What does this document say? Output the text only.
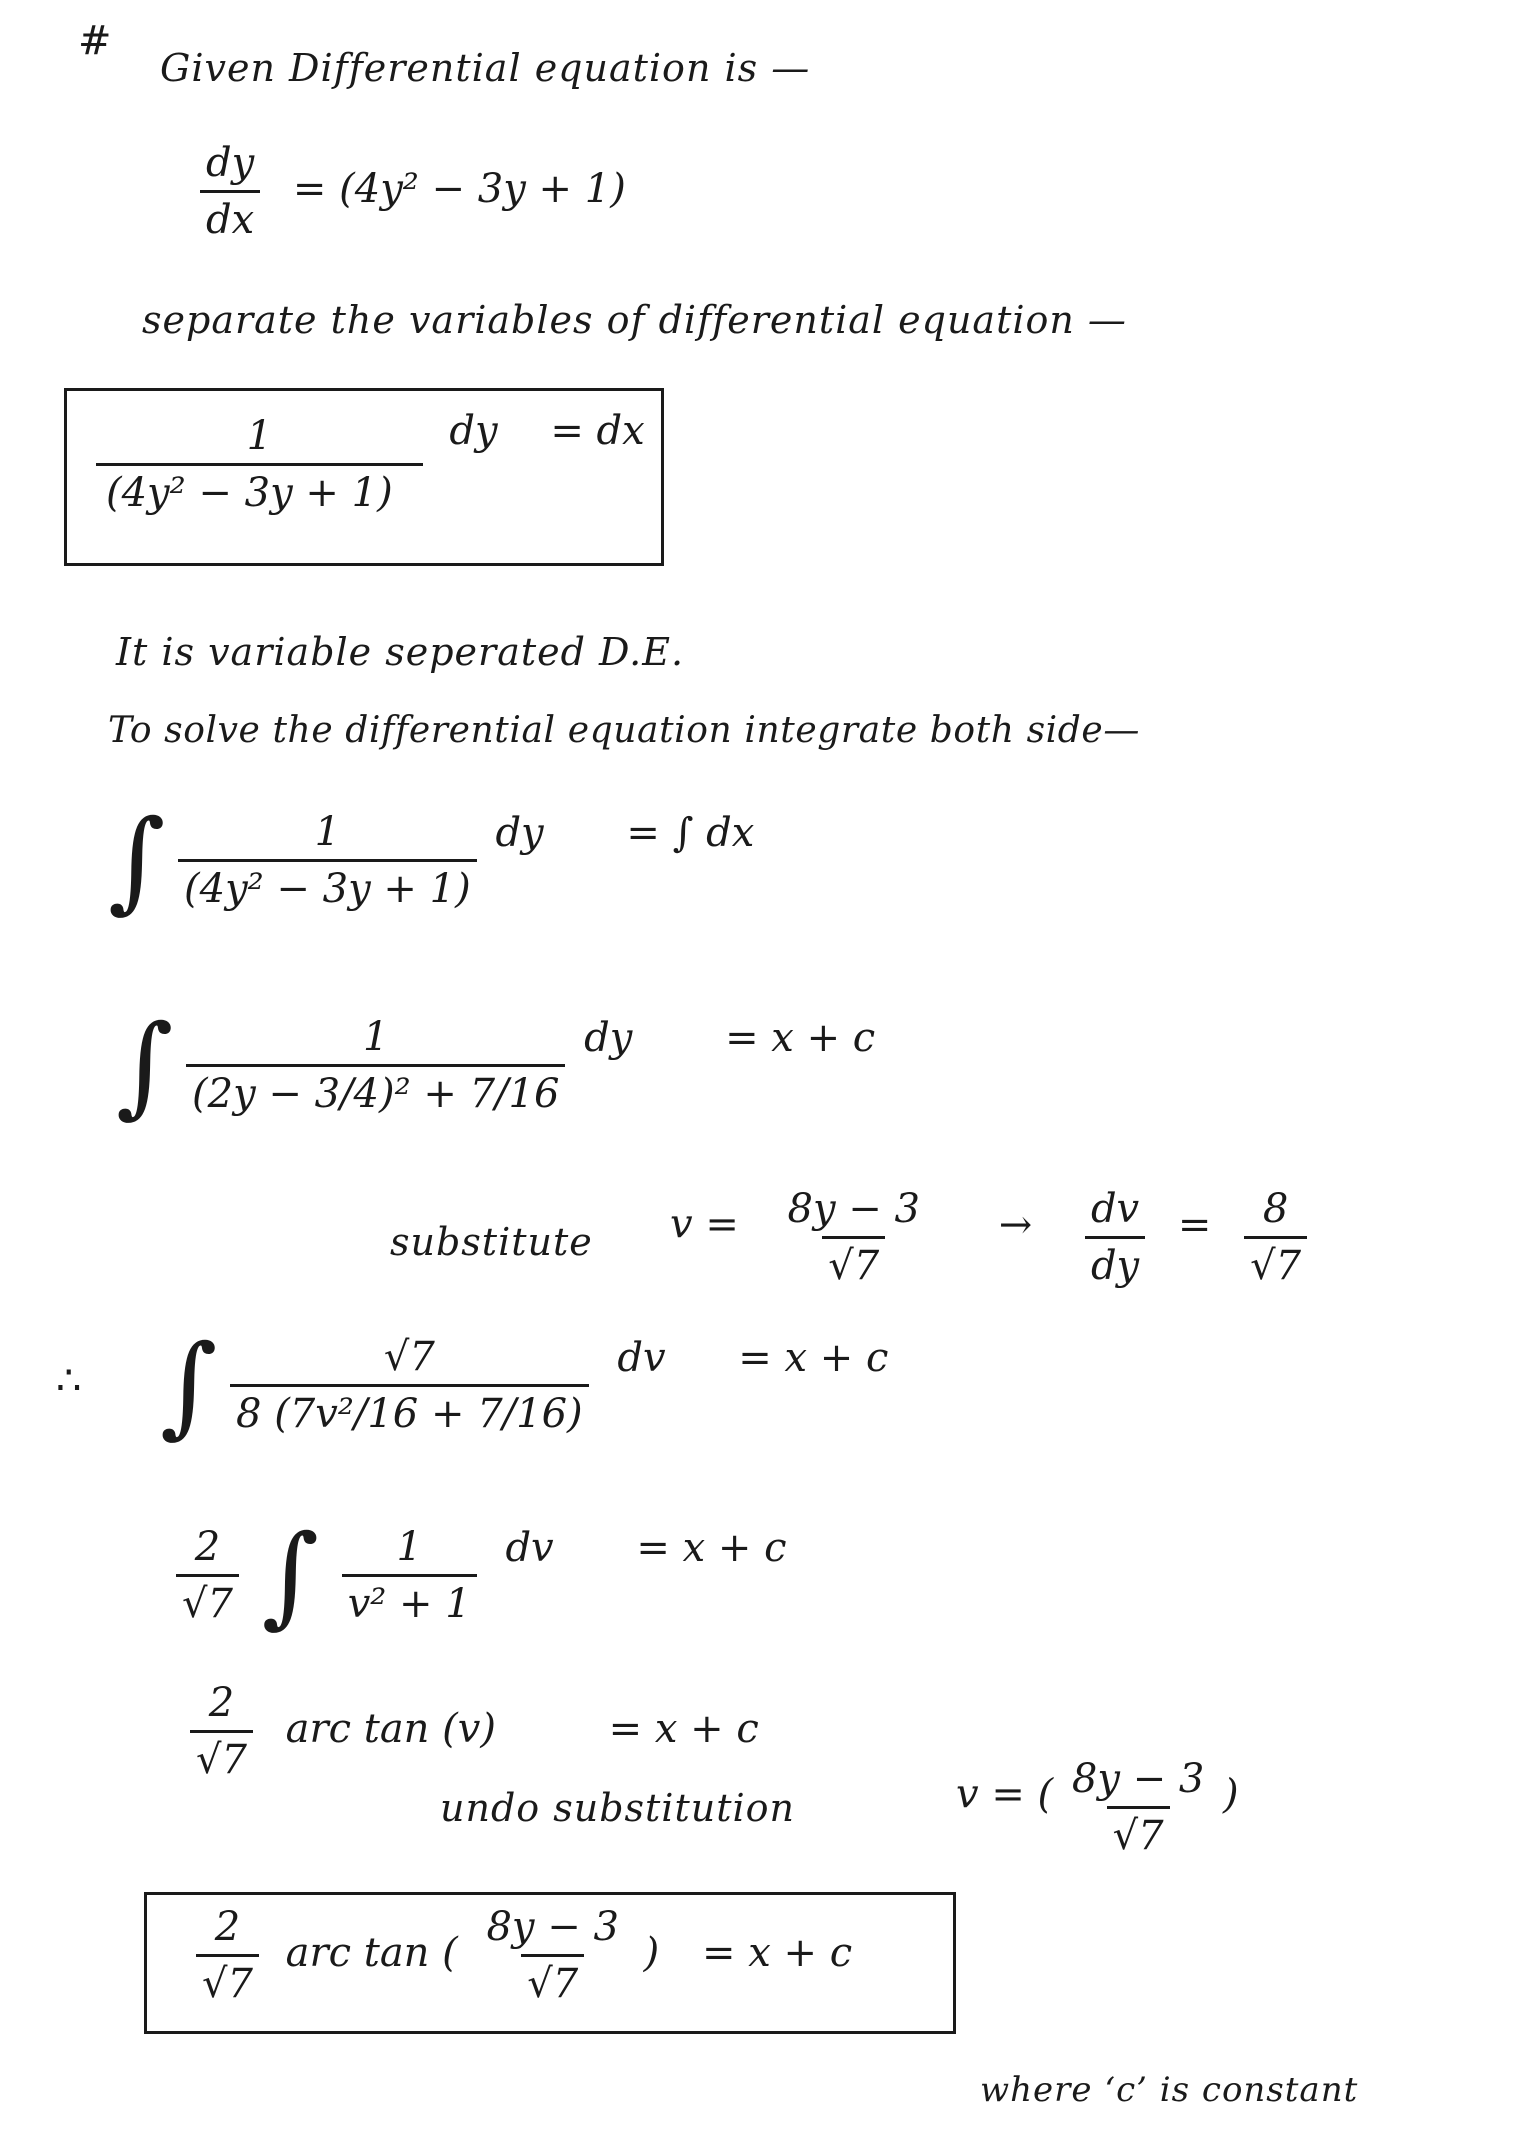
#
Given Differential equation is —
$\frac{dy}{dx} = (4y^2 - 3y + 1)$
separate the variables of differential equation —
$\frac{1}{\text{(4y² − 3y + 1)}}$ dy = dx
It is variable seperated D.E.
To solve the differential equation integrate both side—
∫ $\frac{1}{\text{(4y² − 3y + 1)}}$ dy = ∫ dx
∫ $\frac{1}{\text{(2y − 3/4)² + 7/16}}$ dy = x + c
substitute $v = \frac{8y - 3}{√7} \to \frac{dv}{dy} = \frac{8}{√7}$
∴ ∫ $\frac{√7}{\text{8 (7v²/16 + 7/16)}}$ dv = x + c
$\frac{2}{√7}$ ∫ $\frac{1}{\text{v² + 1}}$ dv = x + c
$\frac{2}{√7}$ arc tan (v)	= x + c
undo substitution	v = ( $\frac{8y - 3}{√7}$ )
$\frac{2}{√7}$ arc tan ( $\frac{8y - 3}{√7}$ ) = x + c
where ‘c’ is constant
